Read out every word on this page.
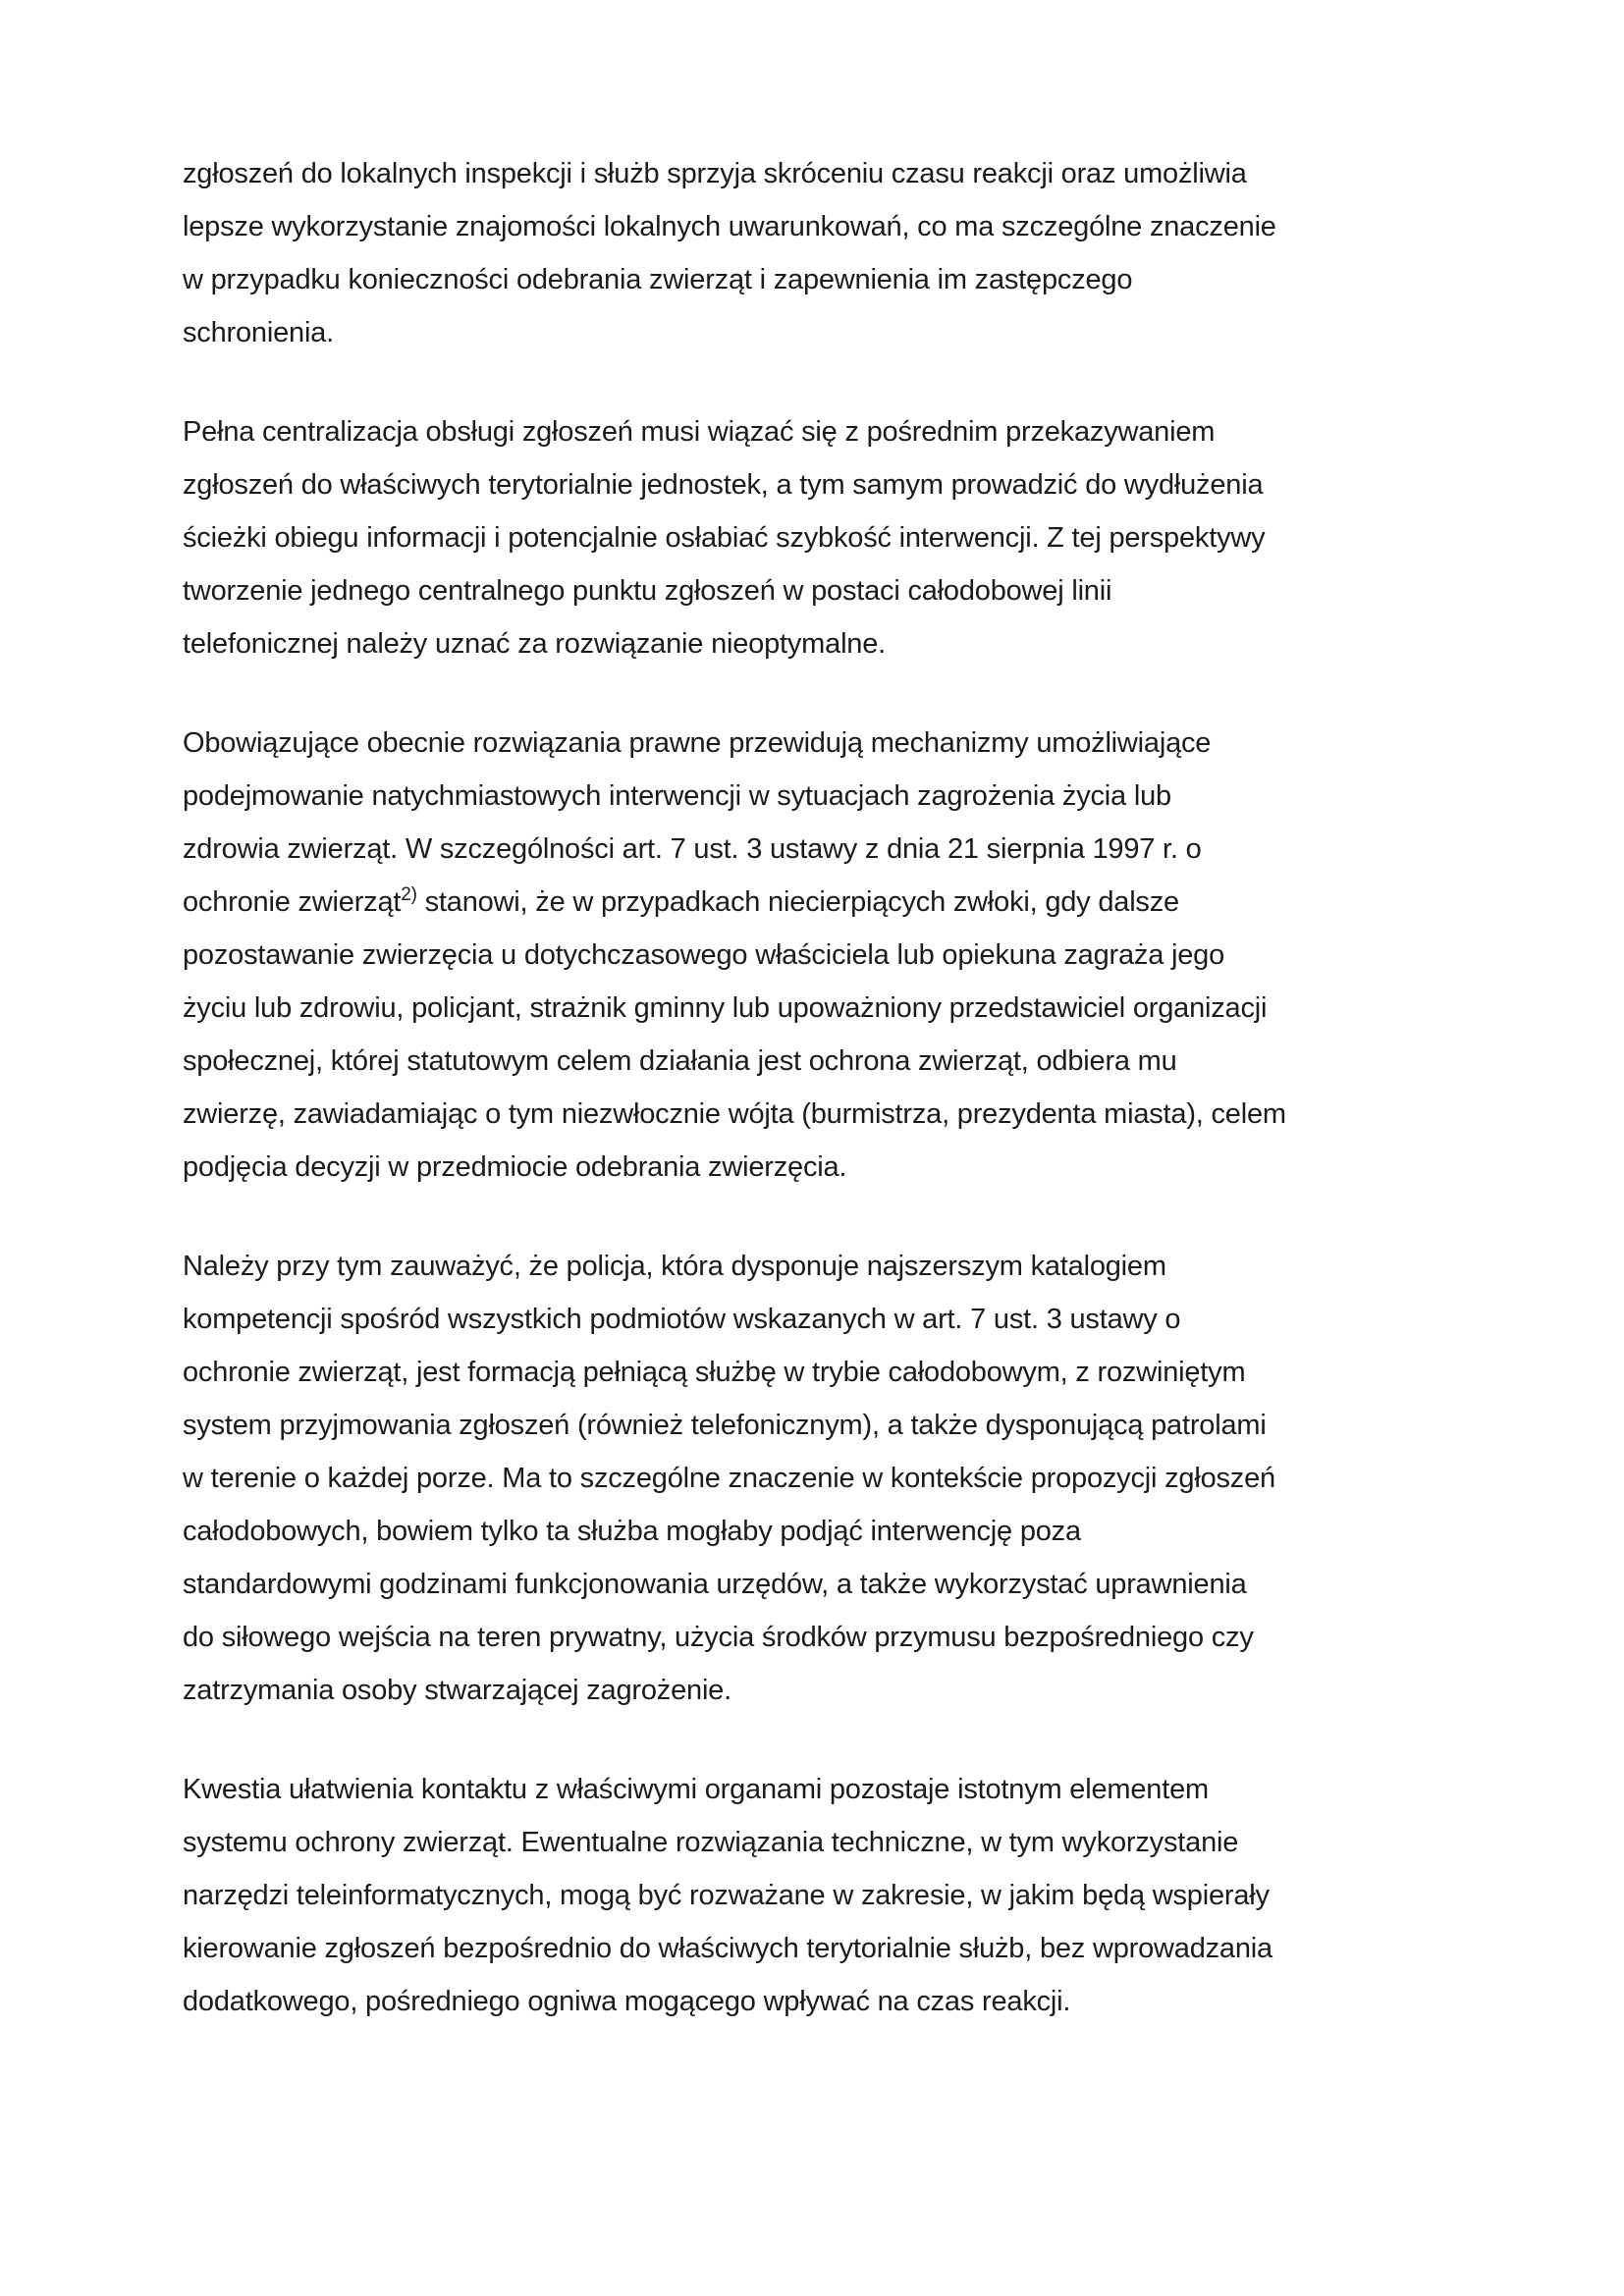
zgłoszeń do lokalnych inspekcji i służb sprzyja skróceniu czasu reakcji oraz umożliwia
lepsze wykorzystanie znajomości lokalnych uwarunkowań, co ma szczególne znaczenie
w przypadku konieczności odebrania zwierząt i zapewnienia im zastępczego
schronienia.

Pełna centralizacja obsługi zgłoszeń musi wiązać się z pośrednim przekazywaniem
zgłoszeń do właściwych terytorialnie jednostek, a tym samym prowadzić do wydłużenia
ścieżki obiegu informacji i potencjalnie osłabiać szybkość interwencji. Z tej perspektywy
tworzenie jednego centralnego punktu zgłoszeń w postaci całodobowej linii
telefonicznej należy uznać za rozwiązanie nieoptymalne.

Obowiązujące obecnie rozwiązania prawne przewidują mechanizmy umożliwiające
podejmowanie natychmiastowych interwencji w sytuacjach zagrożenia życia lub
zdrowia zwierząt. W szczególności art. 7 ust. 3 ustawy z dnia 21 sierpnia 1997 r. o
ochronie zwierząt$^{2)}$ stanowi, że w przypadkach niecierpiących zwłoki, gdy dalsze
pozostawanie zwierzęcia u dotychczasowego właściciela lub opiekuna zagraża jego
życiu lub zdrowiu, policjant, strażnik gminny lub upoważniony przedstawiciel organizacji
społecznej, której statutowym celem działania jest ochrona zwierząt, odbiera mu
zwierzę, zawiadamiając o tym niezwłocznie wójta (burmistrza, prezydenta miasta), celem
podjęcia decyzji w przedmiocie odebrania zwierzęcia.

Należy przy tym zauważyć, że policja, która dysponuje najszerszym katalogiem
kompetencji spośród wszystkich podmiotów wskazanych w art. 7 ust. 3 ustawy o
ochronie zwierząt, jest formacją pełniącą służbę w trybie całodobowym, z rozwiniętym
system przyjmowania zgłoszeń (również telefonicznym), a także dysponującą patrolami
w terenie o każdej porze. Ma to szczególne znaczenie w kontekście propozycji zgłoszeń
całodobowych, bowiem tylko ta służba mogłaby podjąć interwencję poza
standardowymi godzinami funkcjonowania urzędów, a także wykorzystać uprawnienia
do siłowego wejścia na teren prywatny, użycia środków przymusu bezpośredniego czy
zatrzymania osoby stwarzającej zagrożenie.

Kwestia ułatwienia kontaktu z właściwymi organami pozostaje istotnym elementem
systemu ochrony zwierząt. Ewentualne rozwiązania techniczne, w tym wykorzystanie
narzędzi teleinformatycznych, mogą być rozważane w zakresie, w jakim będą wspierały
kierowanie zgłoszeń bezpośrednio do właściwych terytorialnie służb, bez wprowadzania
dodatkowego, pośredniego ogniwa mogącego wpływać na czas reakcji.
